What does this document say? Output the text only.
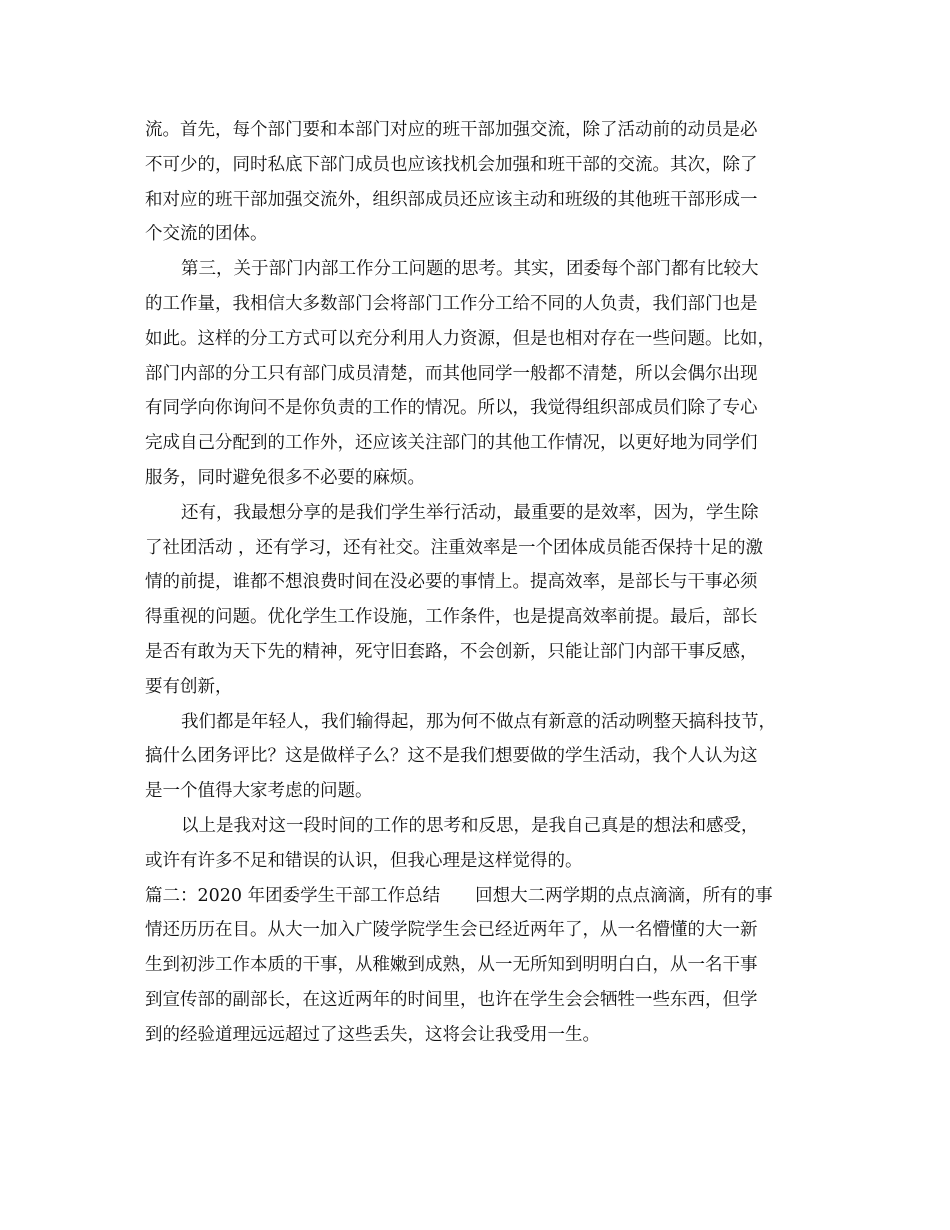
流。首先，每个部门要和本部门对应的班干部加强交流，除了活动前的动员是必
不可少的，同时私底下部门成员也应该找机会加强和班干部的交流。其次，除了
和对应的班干部加强交流外，组织部成员还应该主动和班级的其他班干部形成一
个交流的团体。
第三，关于部门内部工作分工问题的思考。其实，团委每个部门都有比较大
的工作量，我相信大多数部门会将部门工作分工给不同的人负责，我们部门也是
如此。这样的分工方式可以充分利用人力资源，但是也相对存在一些问题。比如，
部门内部的分工只有部门成员清楚，而其他同学一般都不清楚，所以会偶尔出现
有同学向你询问不是你负责的工作的情况。所以，我觉得组织部成员们除了专心
完成自己分配到的工作外，还应该关注部门的其他工作情况，以更好地为同学们
服务，同时避免很多不必要的麻烦。
还有，我最想分享的是我们学生举行活动，最重要的是效率，因为，学生除
了社团活动 ，还有学习，还有社交。注重效率是一个团体成员能否保持十足的激
情的前提，谁都不想浪费时间在没必要的事情上。提高效率，是部长与干事必须
得重视的问题。优化学生工作设施，工作条件，也是提高效率前提。最后，部长
是否有敢为天下先的精神，死守旧套路，不会创新，只能让部门内部干事反感，
要有创新，
我们都是年轻人，我们输得起，那为何不做点有新意的活动咧整天搞科技节，
搞什么团务评比？这是做样子么？这不是我们想要做的学生活动，我个人认为这
是一个值得大家考虑的问题。
以上是我对这一段时间的工作的思考和反思，是我自己真是的想法和感受，
或许有许多不足和错误的认识，但我心理是这样觉得的。
篇二：2020 年团委学生干部工作总结　　回想大二两学期的点点滴滴，所有的事
情还历历在目。从大一加入广陵学院学生会已经近两年了，从一名懵懂的大一新
生到初涉工作本质的干事，从稚嫩到成熟，从一无所知到明明白白，从一名干事
到宣传部的副部长，在这近两年的时间里，也许在学生会会牺牲一些东西，但学
到的经验道理远远超过了这些丢失，这将会让我受用一生。
